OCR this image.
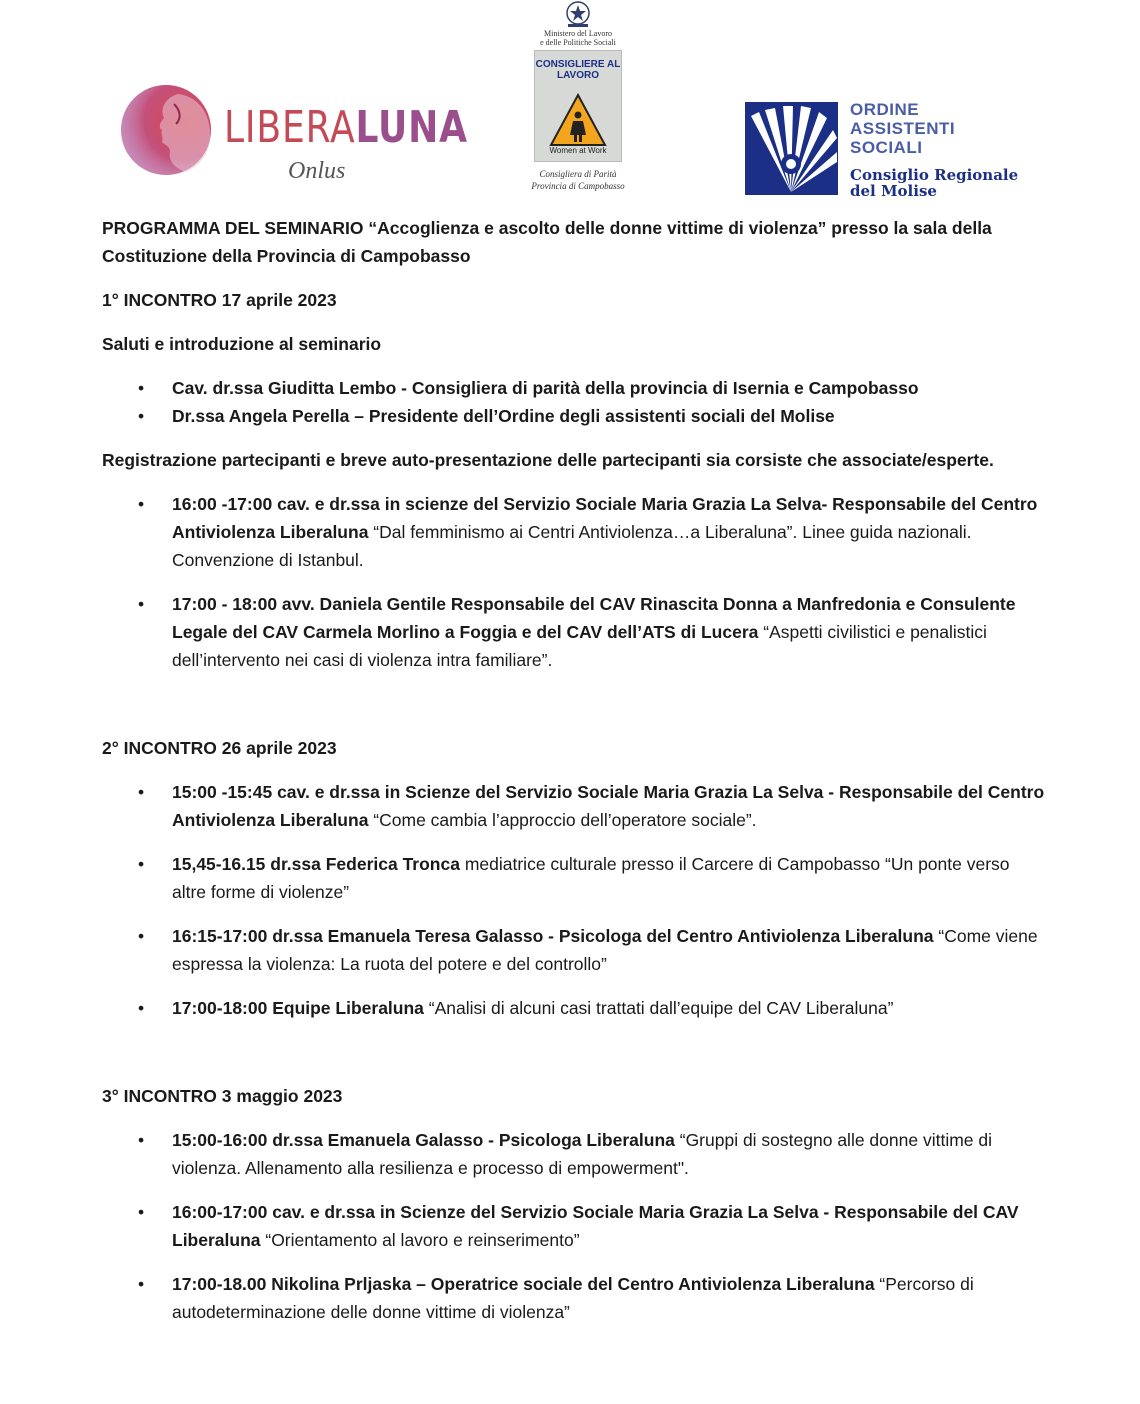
LIBERALUNA
Onlus
Ministero del Lavoro
e delle Politiche Sociali
CONSIGLIERE AL LAVORO
Women at Work
Consigliera di Parità
Provincia di Campobasso
ORDINE
ASSISTENTI
SOCIALI
Consiglio Regionale
del Molise

PROGRAMMA DEL SEMINARIO “Accoglienza e ascolto delle donne vittime di violenza” presso la sala della Costituzione della Provincia di Campobasso

1° INCONTRO 17 aprile 2023

Saluti e introduzione al seminario

• Cav. dr.ssa Giuditta Lembo - Consigliera di parità della provincia di Isernia e Campobasso
• Dr.ssa Angela Perella – Presidente dell’Ordine degli assistenti sociali del Molise

Registrazione partecipanti e breve auto-presentazione delle partecipanti sia corsiste che associate/esperte.

• 16:00 -17:00 cav. e dr.ssa in scienze del Servizio Sociale Maria Grazia La Selva- Responsabile del Centro Antiviolenza Liberaluna “Dal femminismo ai Centri Antiviolenza…a Liberaluna”. Linee guida nazionali. Convenzione di Istanbul.
• 17:00 - 18:00 avv. Daniela Gentile Responsabile del CAV Rinascita Donna a Manfredonia e Consulente Legale del CAV Carmela Morlino a Foggia e del CAV dell’ATS di Lucera “Aspetti civilistici e penalistici dell’intervento nei casi di violenza intra familiare”.

2° INCONTRO 26 aprile 2023

• 15:00 -15:45 cav. e dr.ssa in Scienze del Servizio Sociale Maria Grazia La Selva - Responsabile del Centro Antiviolenza Liberaluna “Come cambia l’approccio dell’operatore sociale”.
• 15,45-16.15 dr.ssa Federica Tronca mediatrice culturale presso il Carcere di Campobasso “Un ponte verso altre forme di violenze”
• 16:15-17:00 dr.ssa Emanuela Teresa Galasso - Psicologa del Centro Antiviolenza Liberaluna “Come viene espressa la violenza: La ruota del potere e del controllo”
• 17:00-18:00 Equipe Liberaluna “Analisi di alcuni casi trattati dall’equipe del CAV Liberaluna”

3° INCONTRO 3 maggio 2023

• 15:00-16:00 dr.ssa Emanuela Galasso - Psicologa Liberaluna “Gruppi di sostegno alle donne vittime di violenza. Allenamento alla resilienza e processo di empowerment".
• 16:00-17:00 cav. e dr.ssa in Scienze del Servizio Sociale Maria Grazia La Selva - Responsabile del CAV Liberaluna “Orientamento al lavoro e reinserimento”
• 17:00-18.00 Nikolina Prljaska – Operatrice sociale del Centro Antiviolenza Liberaluna “Percorso di autodeterminazione delle donne vittime di violenza”
